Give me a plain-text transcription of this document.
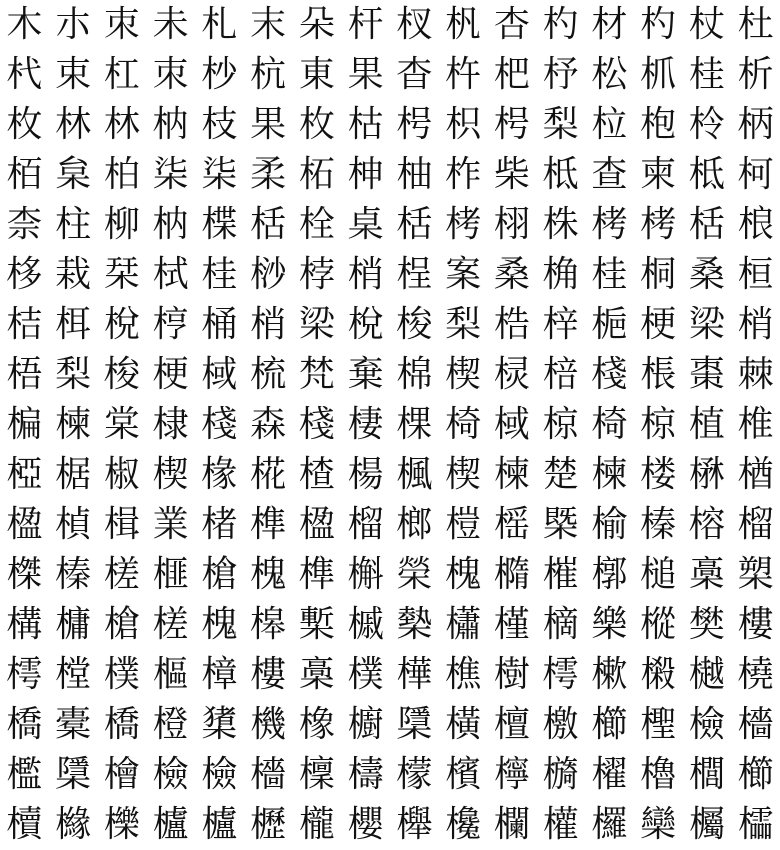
木 朩 朿 未 札 末 朵 杆 杈 杋 杏 杓 材 杓 杖 杜
杙 束 杠 朿 杪 杭 東 果 杳 杵 杷 杼 松 枛 桂 析
枚 林 林 枘 枝 果 枚 枯 枵 枳 枵 梨 柆 枹 柃 柄
栢 枲 柏 柒 柒 柔 柘 柛 柚 柞 柴 柢 查 柬 柢 柯
柰 柱 柳 枘 楪 栝 栓 桌 栝 栲 栩 株 栲 栲 栝 桹
栘 栽 栞 栻 桂 桫 桲 梢 桯 案 桑 桷 桂 桐 桑 桓
桔 栮 梲 梈 桶 梢 梁 梲 梭 梨 梏 梓 梔 梗 梁 梢
梧 梨 梭 梗 棫 梳 梵 棄 棉 楔 棂 棓 棧 棖 棗 棘
楄 楝 棠 棣 棧 森 棧 棲 棵 椅 棫 椋 椅 椋 植 椎
椏 椐 椒 楔 椽 椛 楂 楊 楓 楔 楝 楚 楝 楼 楙 楢
楹 楨 楫 業 楮 榫 楹 榴 榔 榿 榣 槩 榆 榛 榕 榴
榤 榛 槎 榧 槍 槐 榫 槲 榮 槐 橢 槯 槨 槌 槀 槊
構 槦 槍 槎 槐 槔 槧 槭 槷 櫹 槿 樀 樂 樅 樊 樓
樗 樘 樸 樞 樟 樓 槀 樸 樺 樵 樹 樗 樕 樧 樾 橈
橋 橐 橋 橙 橥 機 橡 櫥 檃 橫 檀 檄 櫛 檉 檢 檣
檻 檃 檜 檢 檢 檣 檁 檮 檬 檳 檸 檹 櫂 櫓 櫚 櫛
櫝 櫞 櫟 櫨 櫨 櫪 櫳 櫻 櫸 欃 欄 權 欏 欒 欘 櫺
